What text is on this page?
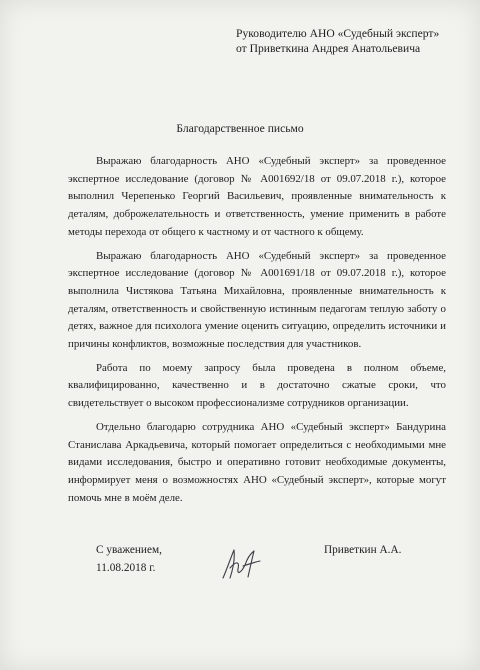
Руководителю АНО «Судебный эксперт»
от Приветкина Андрея Анатольевича
Благодарственное письмо

Выражаю благодарность АНО «Судебный эксперт» за проведенное экспертное исследование (договор № А001692/18 от 09.07.2018 г.), которое выполнил Черепенько Георгий Васильевич, проявленные внимательность к деталям, доброжелательность и ответственность, умение применить в работе методы перехода от общего к частному и от частного к общему.

Выражаю благодарность АНО «Судебный эксперт» за проведенное экспертное исследование (договор № А001691/18 от 09.07.2018 г.), которое выполнила Чистякова Татьяна Михайловна, проявленные внимательность к деталям, ответственность и свойственную истинным педагогам теплую заботу о детях, важное для психолога умение оценить ситуацию, определить источники и причины конфликтов, возможные последствия для участников.

Работа по моему запросу была проведена в полном объеме, квалифицированно, качественно и в достаточно сжатые сроки, что свидетельствует о высоком профессионализме сотрудников организации.

Отдельно благодарю сотрудника АНО «Судебный эксперт» Бандурина Станислава Аркадьевича, который помогает определиться с необходимыми мне видами исследования, быстро и оперативно готовит необходимые документы, информирует меня о возможностях АНО «Судебный эксперт», которые могут помочь мне в моём деле.

С уважением,
11.08.2018 г.
Приветкин А.А.
